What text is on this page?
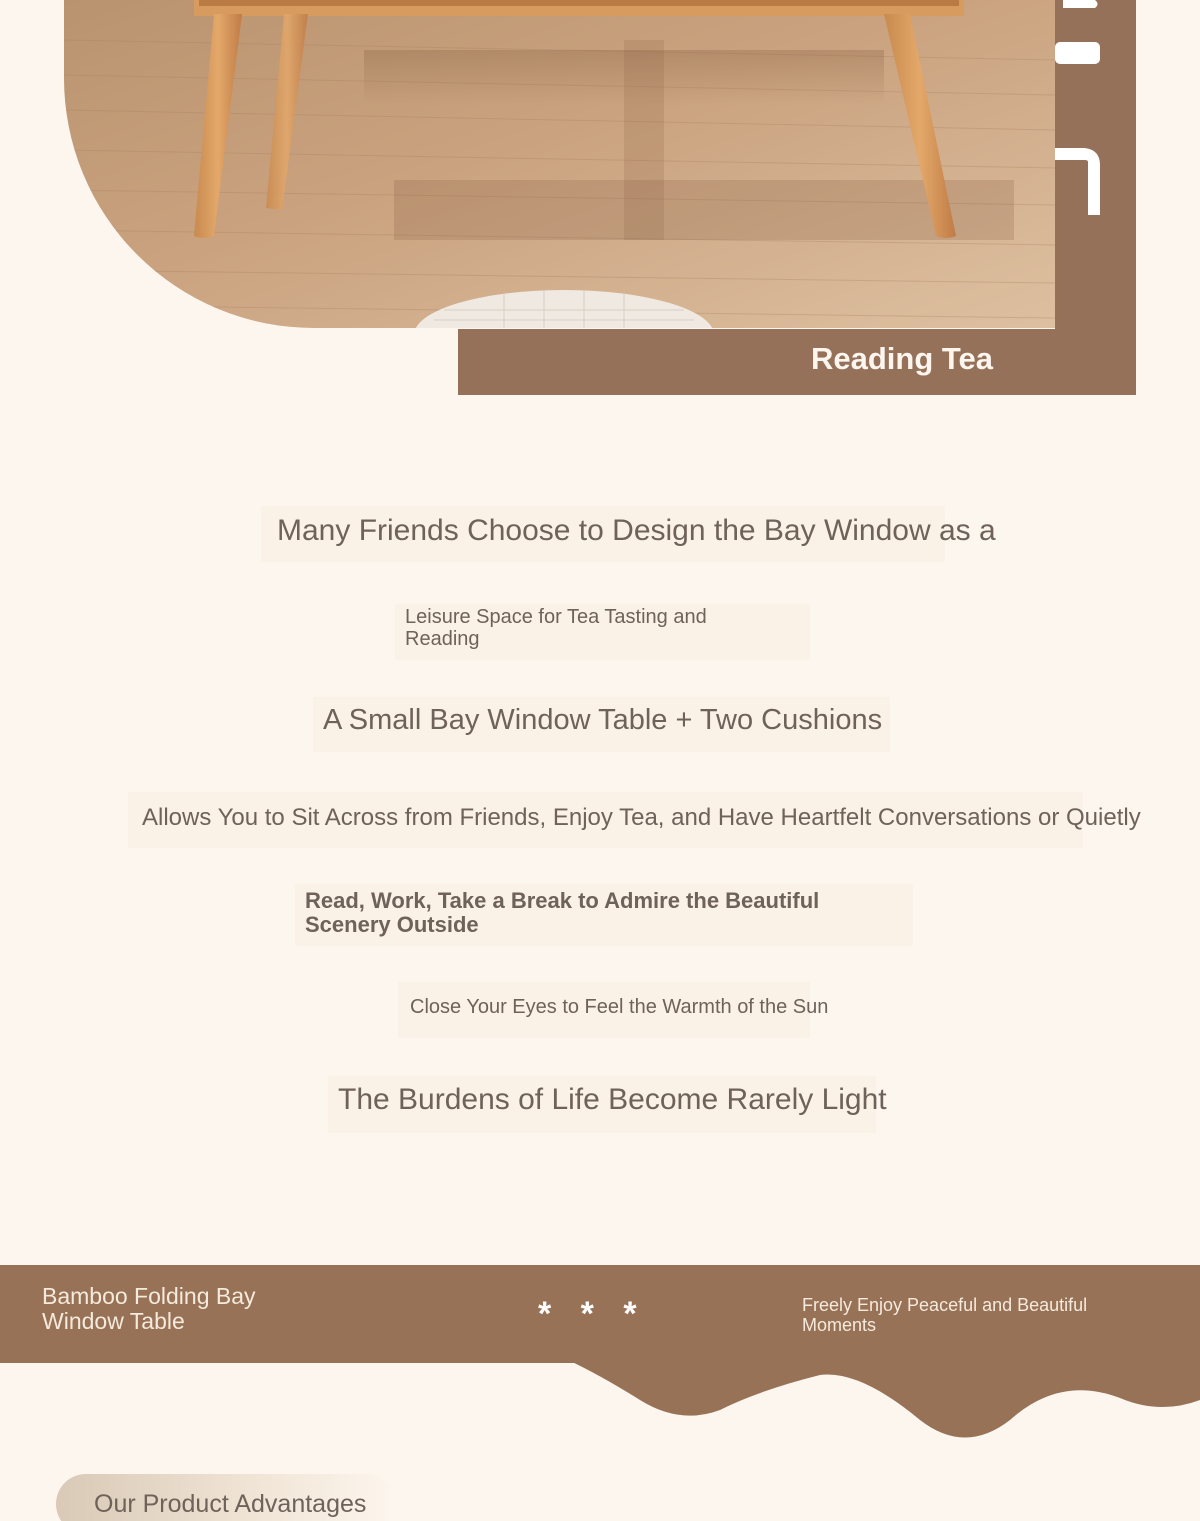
Reading Tea
Many Friends Choose to Design the Bay Window as a
Leisure Space for Tea Tasting and Reading
A Small Bay Window Table + Two Cushions
Allows You to Sit Across from Friends, Enjoy Tea, and Have Heartfelt Conversations or Quietly
Read, Work, Take a Break to Admire the Beautiful Scenery Outside
Close Your Eyes to Feel the Warmth of the Sun
The Burdens of Life Become Rarely Light
Bamboo Folding Bay Window Table	* * *	Freely Enjoy Peaceful and Beautiful Moments
Our Product Advantages
